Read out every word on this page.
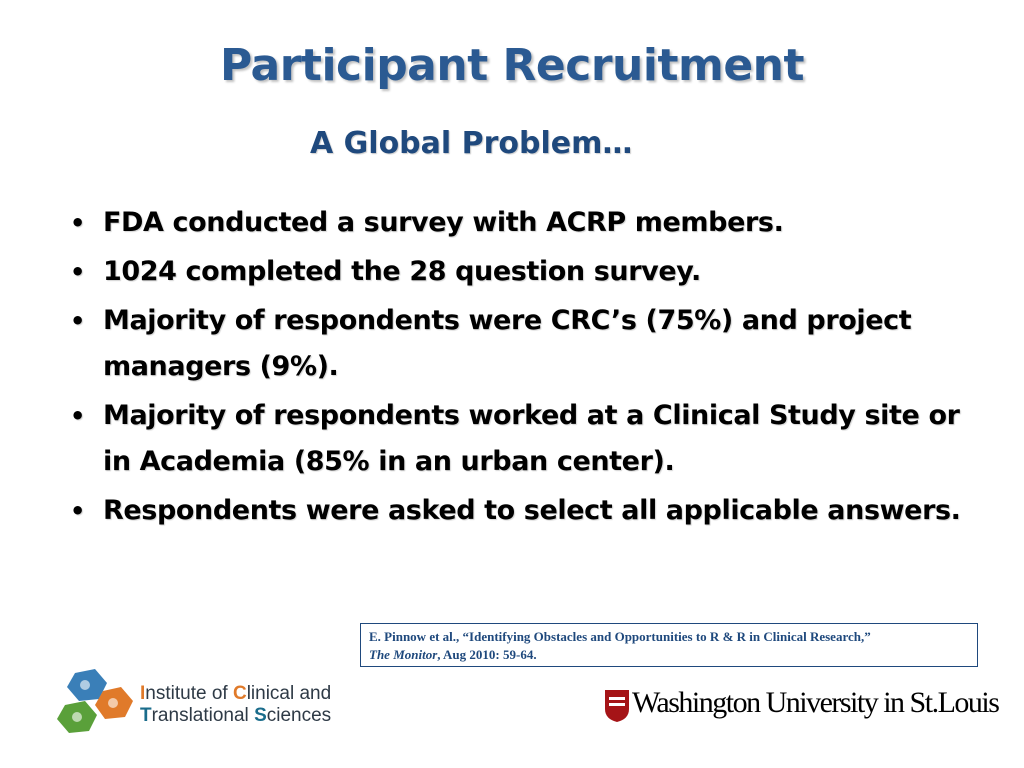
Participant Recruitment
A Global Problem…
• FDA conducted a survey with ACRP members.
• 1024 completed the 28 question survey.
• Majority of respondents were CRC’s (75%) and project managers (9%).
• Majority of respondents worked at a Clinical Study site or in Academia (85% in an urban center).
• Respondents were asked to select all applicable answers.
E. Pinnow et al., “Identifying Obstacles and Opportunities to R & R in Clinical Research,”
The Monitor, Aug 2010: 59-64.
Institute of Clinical and
Translational Sciences	Washington University in St.Louis
